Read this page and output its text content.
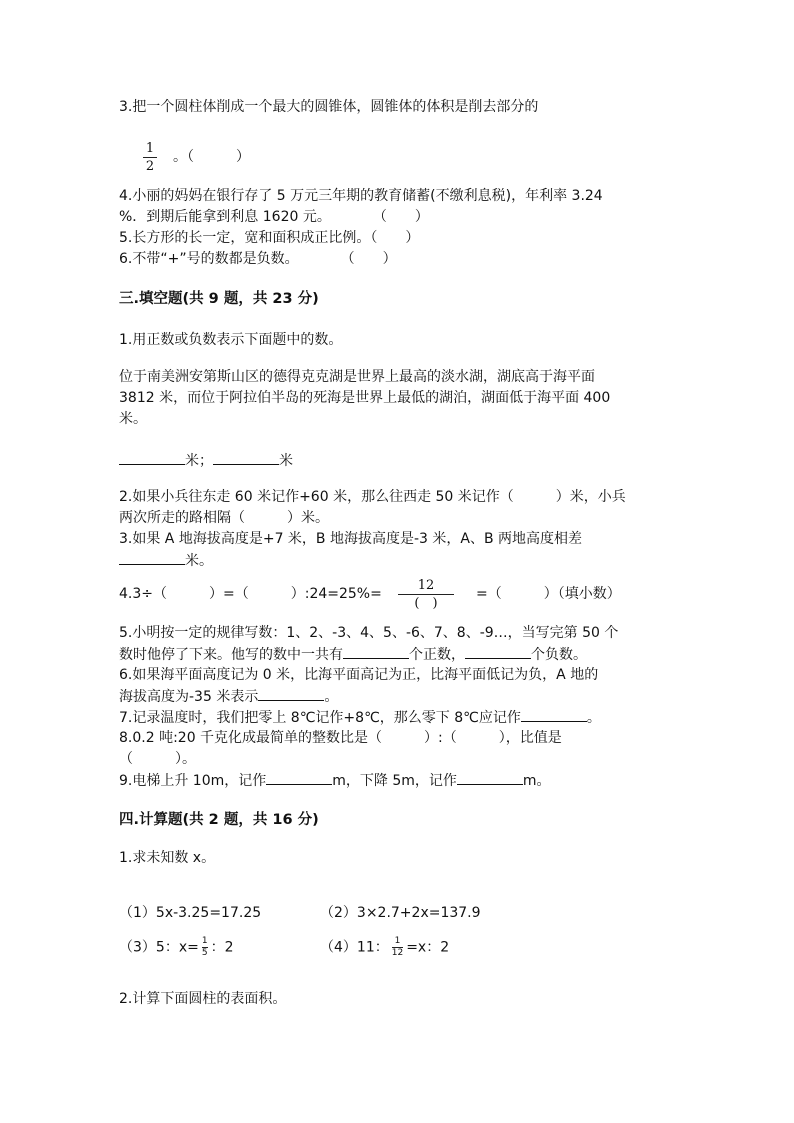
3.把一个圆柱体削成一个最大的圆锥体，圆锥体的体积是削去部分的
1
2
。（　　　）
4.小丽的妈妈在银行存了 5 万元三年期的教育储蓄(不缴利息税)，年利率 3.24
%．到期后能拿到利息 1620 元。　　　　（　　）
5.长方形的长一定，宽和面积成正比例。（　　）
6.不带“+”号的数都是负数。　　　　（　　）
三.填空题(共 9 题，共 23 分)
1.用正数或负数表示下面题中的数。
位于南美洲安第斯山区的德得克克湖是世界上最高的淡水湖，湖底高于海平面
3812 米，而位于阿拉伯半岛的死海是世界上最低的湖泊，湖面低于海平面 400
米。
米；	米
2.如果小兵往东走 60 米记作+60 米，那么往西走 50 米记作（　　　）米，小兵
两次所走的路相隔（　　　）米。
3.如果 A 地海拔高度是+7 米，B 地海拔高度是-3 米，A、B 两地高度相差
米。
4.3÷（　　　）=（　　　）:24=25%=
12
(　)
=（　　　）（填小数）
5.小明按一定的规律写数：1、2、-3、4、5、-6、7、8、-9…，当写完第 50 个
数时他停了下来。他写的数中一共有	个正数，	个负数。
6.如果海平面高度记为 0 米，比海平面高记为正，比海平面低记为负，A 地的
海拔高度为-35 米表示	。
7.记录温度时，我们把零上 8℃记作+8℃，那么零下 8℃应记作	。
8.0.2 吨:20 千克化成最简单的整数比是（　　　）:（　　　），比值是
（　　　）。
9.电梯上升 10m，记作	m，下降 5m，记作	m。
四.计算题(共 2 题，共 16 分)
1.求未知数 x。
（1）5x-3.25=17.25	（2）3×2.7+2x=137.9
（3）5：$x= \frac{1}{5}$ ：2	（4）11： $\frac{1}{12} =x$：2
2.计算下面圆柱的表面积。
